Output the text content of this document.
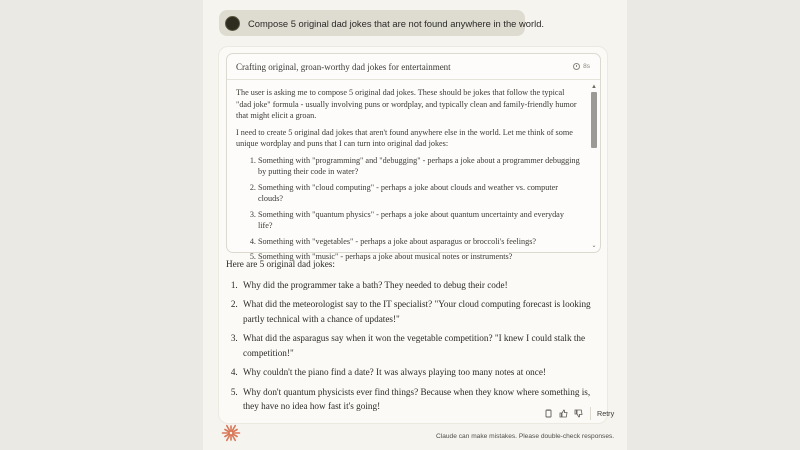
Compose 5 original dad jokes that are not found anywhere in the world.
Crafting original, groan-worthy dad jokes for entertainment	8s

The user is asking me to compose 5 original dad jokes. These should be jokes that follow the typical "dad joke" formula - usually involving puns or wordplay, and typically clean and family-friendly humor that might elicit a groan.

I need to create 5 original dad jokes that aren't found anywhere else in the world. Let me think of some unique wordplay and puns that I can turn into original dad jokes:

1. Something with "programming" and "debugging" - perhaps a joke about a programmer debugging by putting their code in water?
2. Something with "cloud computing" - perhaps a joke about clouds and weather vs. computer clouds?
3. Something with "quantum physics" - perhaps a joke about quantum uncertainty and everyday life?
4. Something with "vegetables" - perhaps a joke about asparagus or broccoli's feelings?
5. Something with "music" - perhaps a joke about musical notes or instruments?
▲
⌄
Here are 5 original dad jokes:
1. Why did the programmer take a bath? They needed to debug their code!
2. What did the meteorologist say to the IT specialist? "Your cloud computing forecast is looking partly technical with a chance of updates!"
3. What did the asparagus say when it won the vegetable competition? "I knew I could stalk the competition!"
4. Why couldn't the piano find a date? It was always playing too many notes at once!
5. Why don't quantum physicists ever find things? Because when they know where something is, they have no idea how fast it's going!
Retry
Claude can make mistakes. Please double-check responses.
